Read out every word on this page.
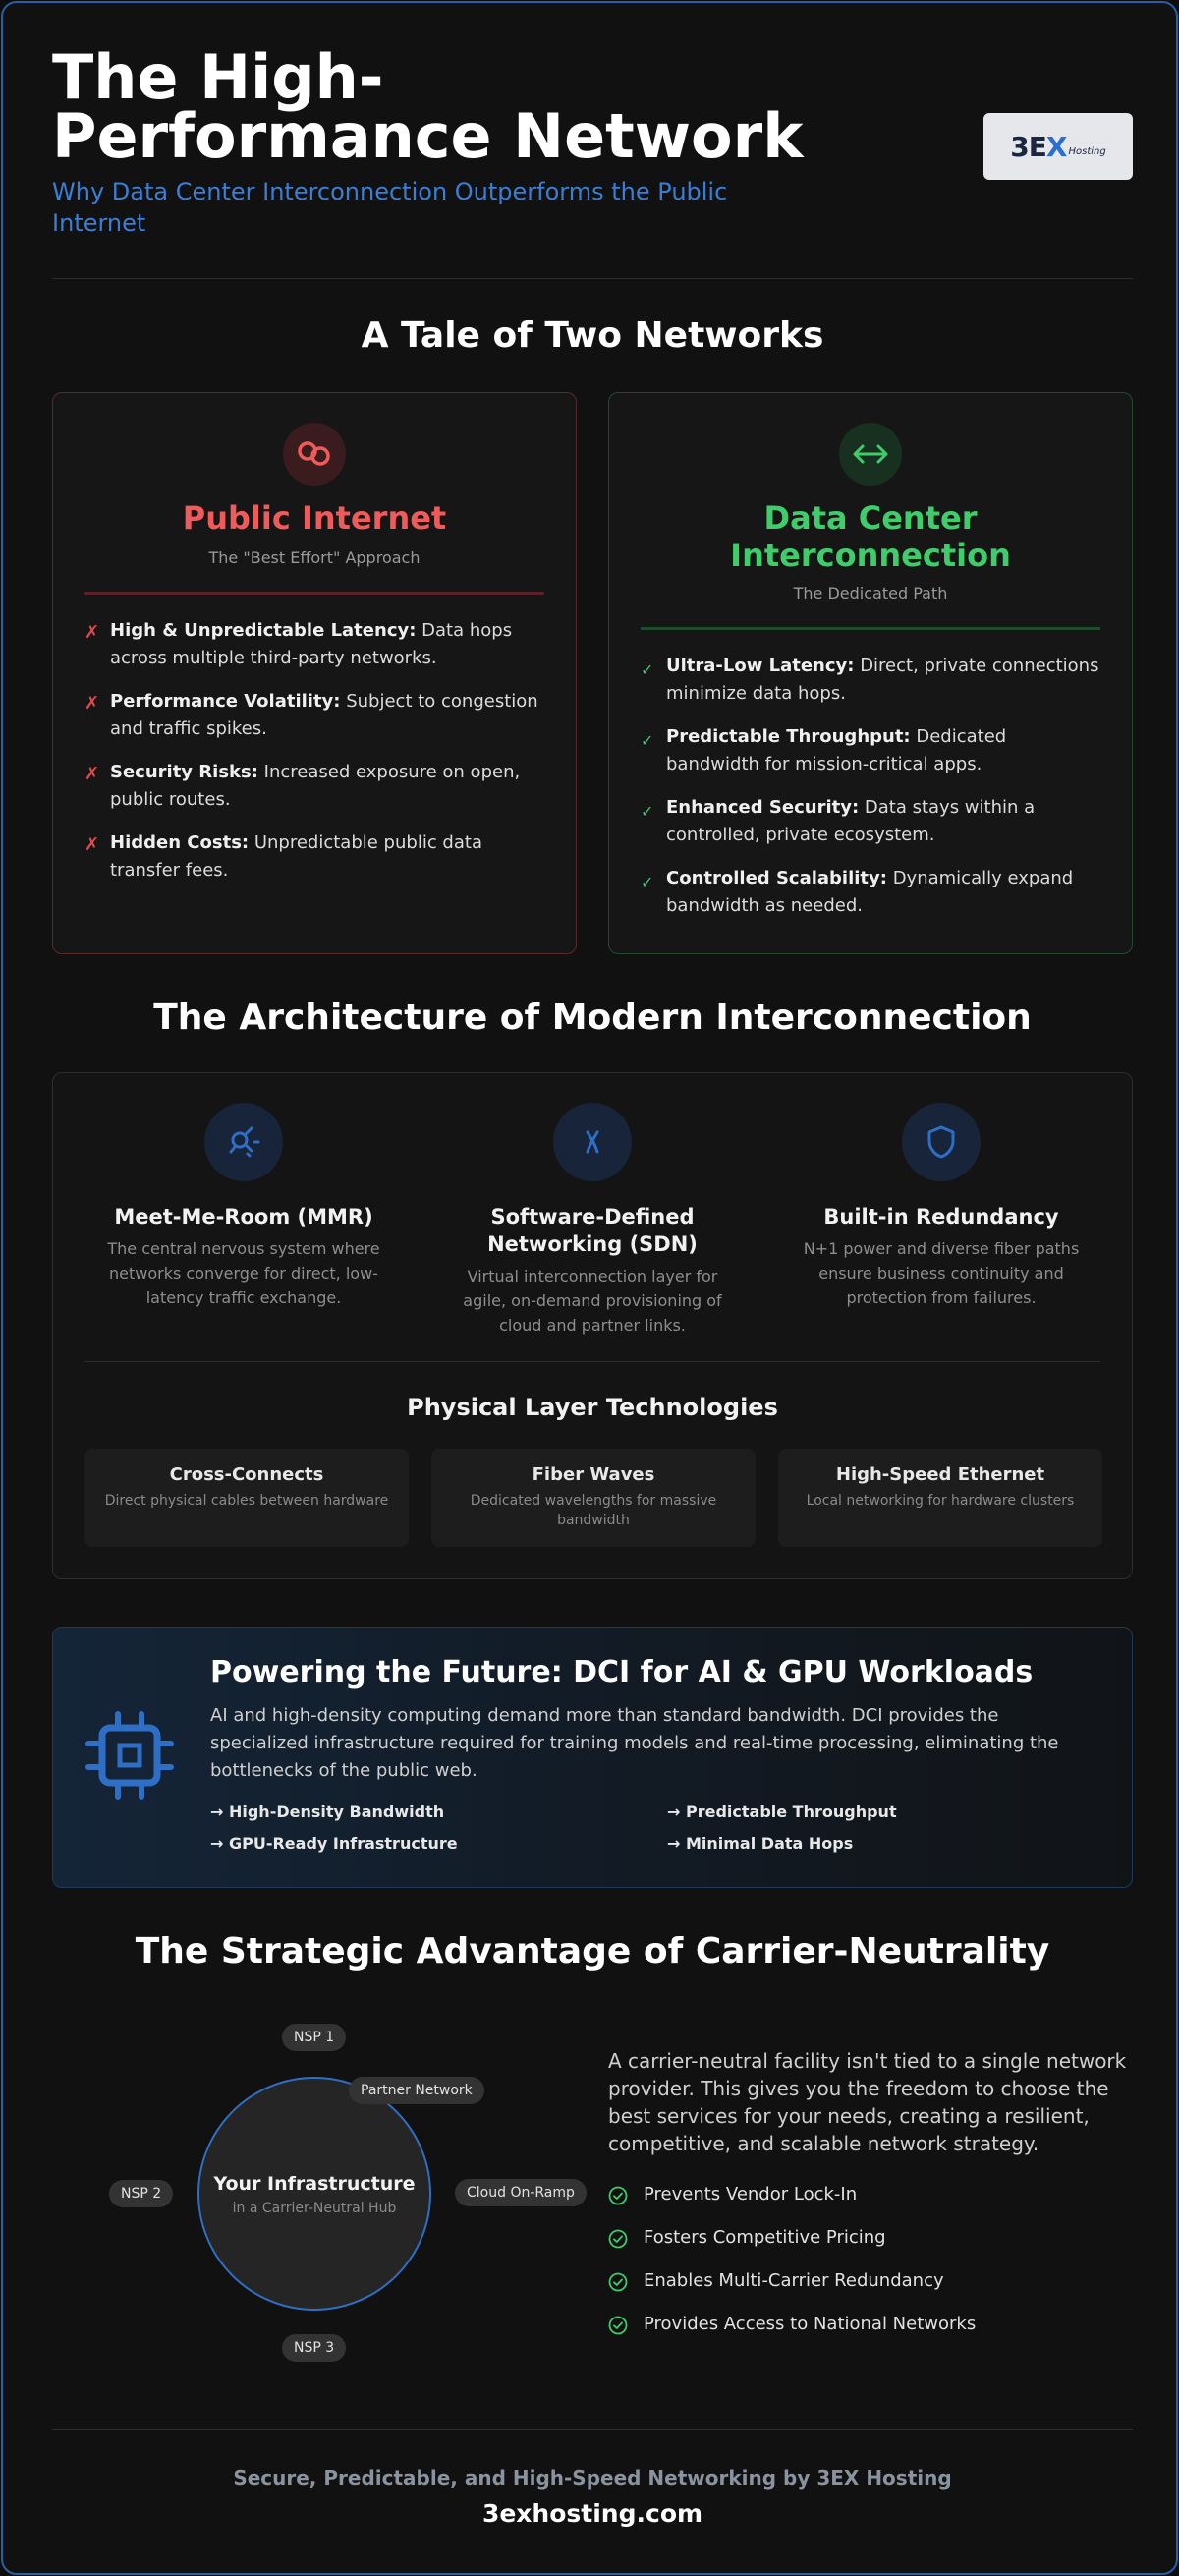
The High-Performance Network
Why Data Center Interconnection Outperforms the Public Internet
3EX Hosting
A Tale of Two Networks
Public Internet
The "Best Effort" Approach
✗ High & Unpredictable Latency: Data hops across multiple third-party networks.
✗ Performance Volatility: Subject to congestion and traffic spikes.
✗ Security Risks: Increased exposure on open, public routes.
✗ Hidden Costs: Unpredictable public data transfer fees.
Data Center Interconnection
The Dedicated Path
✓ Ultra-Low Latency: Direct, private connections minimize data hops.
✓ Predictable Throughput: Dedicated bandwidth for mission-critical apps.
✓ Enhanced Security: Data stays within a controlled, private ecosystem.
✓ Controlled Scalability: Dynamically expand bandwidth as needed.
The Architecture of Modern Interconnection
Meet-Me-Room (MMR)
The central nervous system where networks converge for direct, low-latency traffic exchange.
Software-Defined Networking (SDN)
Virtual interconnection layer for agile, on-demand provisioning of cloud and partner links.
Built-in Redundancy
N+1 power and diverse fiber paths ensure business continuity and protection from failures.
Physical Layer Technologies
Cross-Connects
Direct physical cables between hardware
Fiber Waves
Dedicated wavelengths for massive bandwidth
High-Speed Ethernet
Local networking for hardware clusters
Powering the Future: DCI for AI & GPU Workloads
AI and high-density computing demand more than standard bandwidth. DCI provides the specialized infrastructure required for training models and real-time processing, eliminating the bottlenecks of the public web.
→ High-Density Bandwidth	→ Predictable Throughput
→ GPU-Ready Infrastructure	→ Minimal Data Hops
The Strategic Advantage of Carrier-Neutrality
Your Infrastructure
in a Carrier-Neutral Hub
NSP 1
Partner Network
NSP 2	Cloud On-Ramp
NSP 3
A carrier-neutral facility isn't tied to a single network provider. This gives you the freedom to choose the best services for your needs, creating a resilient, competitive, and scalable network strategy.
Prevents Vendor Lock-In
Fosters Competitive Pricing
Enables Multi-Carrier Redundancy
Provides Access to National Networks
Secure, Predictable, and High-Speed Networking by 3EX Hosting
3exhosting.com
